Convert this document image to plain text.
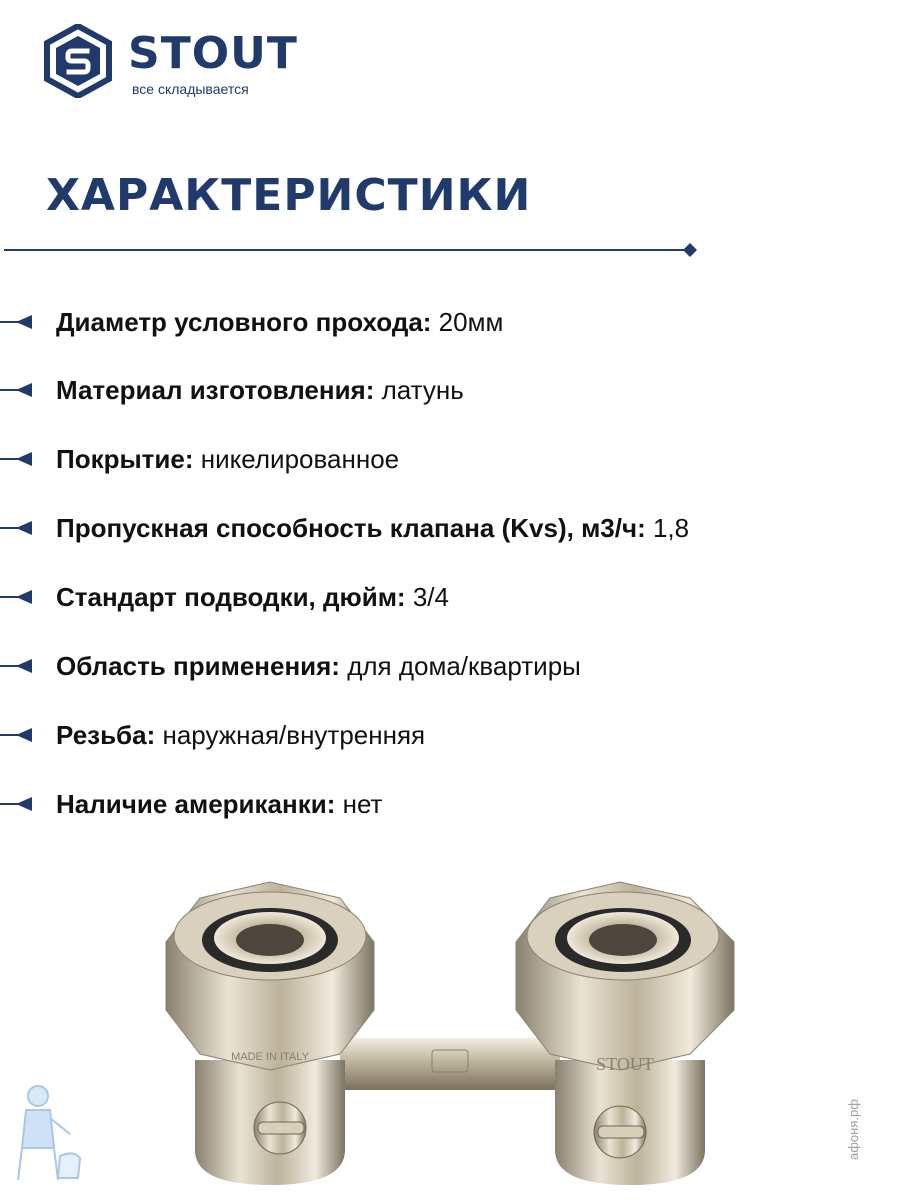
STOUT
все складывается
ХАРАКТЕРИСТИКИ
Диаметр условного прохода: 20мм
Материал изготовления: латунь
Покрытие: никелированное
Пропускная способность клапана (Kvs), м3/ч: 1,8
Стандарт подводки, дюйм: 3/4
Область применения: для дома/квартиры
Резьба: наружная/внутренняя
Наличие американки: нет
MADE IN ITALY	STOUT
афоня.рф
